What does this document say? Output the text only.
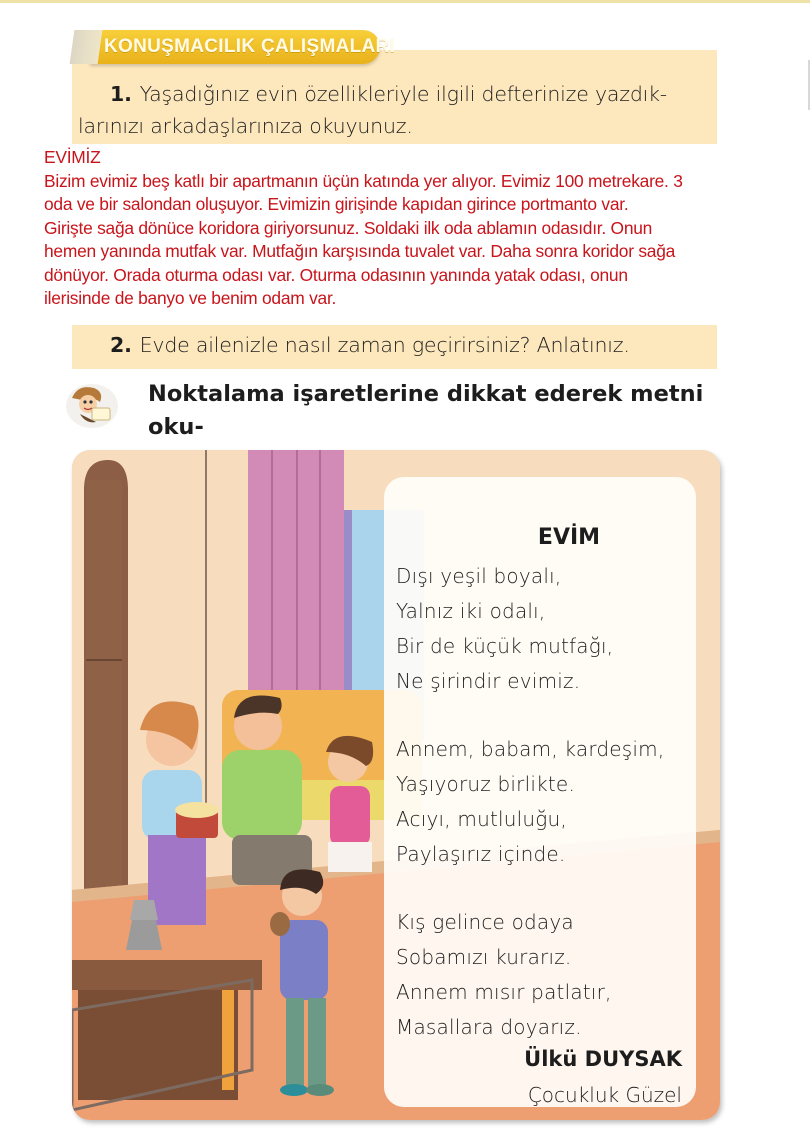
1. Yaşadığınız evin özellikleriyle ilgili defterinize yazdık-
larınızı arkadaşlarınıza okuyunuz.
KONUŞMACILIK ÇALIŞMALARI
EVİMİZ
Bizim evimiz beş katlı bir apartmanın üçün katında yer alıyor. Evimiz 100 metrekare. 3
oda ve bir salondan oluşuyor. Evimizin girişinde kapıdan girince portmanto var.
Girişte sağa dönüce koridora giriyorsunuz. Soldaki ilk oda ablamın odasıdır. Onun
hemen yanında mutfak var. Mutfağın karşısında tuvalet var. Daha sonra koridor sağa
dönüyor. Orada oturma odası var. Oturma odasının yanında yatak odası, onun
ilerisinde de banyo ve benim odam var.
2. Evde ailenizle nasıl zaman geçirirsiniz? Anlatınız.
Noktalama işaretlerine dikkat ederek metni oku-
EVİM
Dışı yeşil boyalı,
Yalnız iki odalı,
Bir de küçük mutfağı,
Ne şirindir evimiz.
Annem, babam, kardeşim,
Yaşıyoruz birlikte.
Acıyı, mutluluğu,
Paylaşırız içinde.
Kış gelince odaya
Sobamızı kurarız.
Annem mısır patlatır,
Masallara doyarız.
Ülkü DUYSAK
Çocukluk Güzel
